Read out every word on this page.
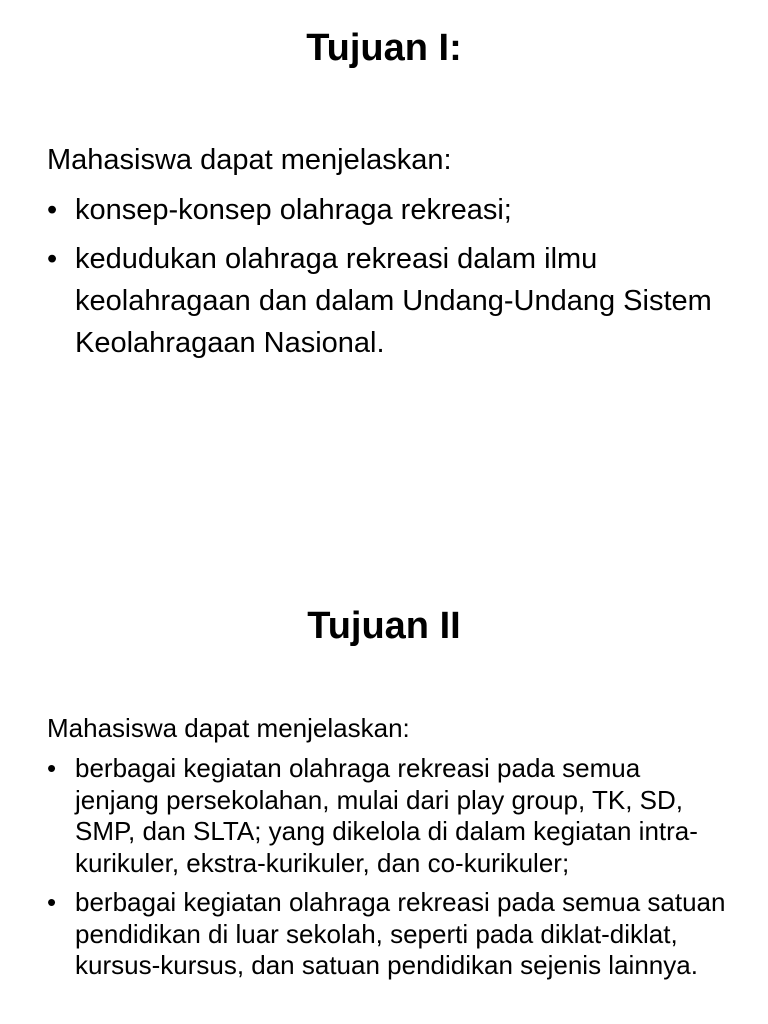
Tujuan I:

Mahasiswa dapat menjelaskan:

• konsep-konsep olahraga rekreasi;
• kedudukan olahraga rekreasi dalam ilmu keolahragaan dan dalam Undang-Undang Sistem Keolahragaan Nasional.
Tujuan II

Mahasiswa dapat menjelaskan:

• berbagai kegiatan olahraga rekreasi pada semua jenjang persekolahan, mulai dari play group, TK, SD, SMP, dan SLTA; yang dikelola di dalam kegiatan intra-kurikuler, ekstra-kurikuler, dan co-kurikuler;
• berbagai kegiatan olahraga rekreasi pada semua satuan pendidikan di luar sekolah, seperti pada diklat-diklat, kursus-kursus, dan satuan pendidikan sejenis lainnya.
